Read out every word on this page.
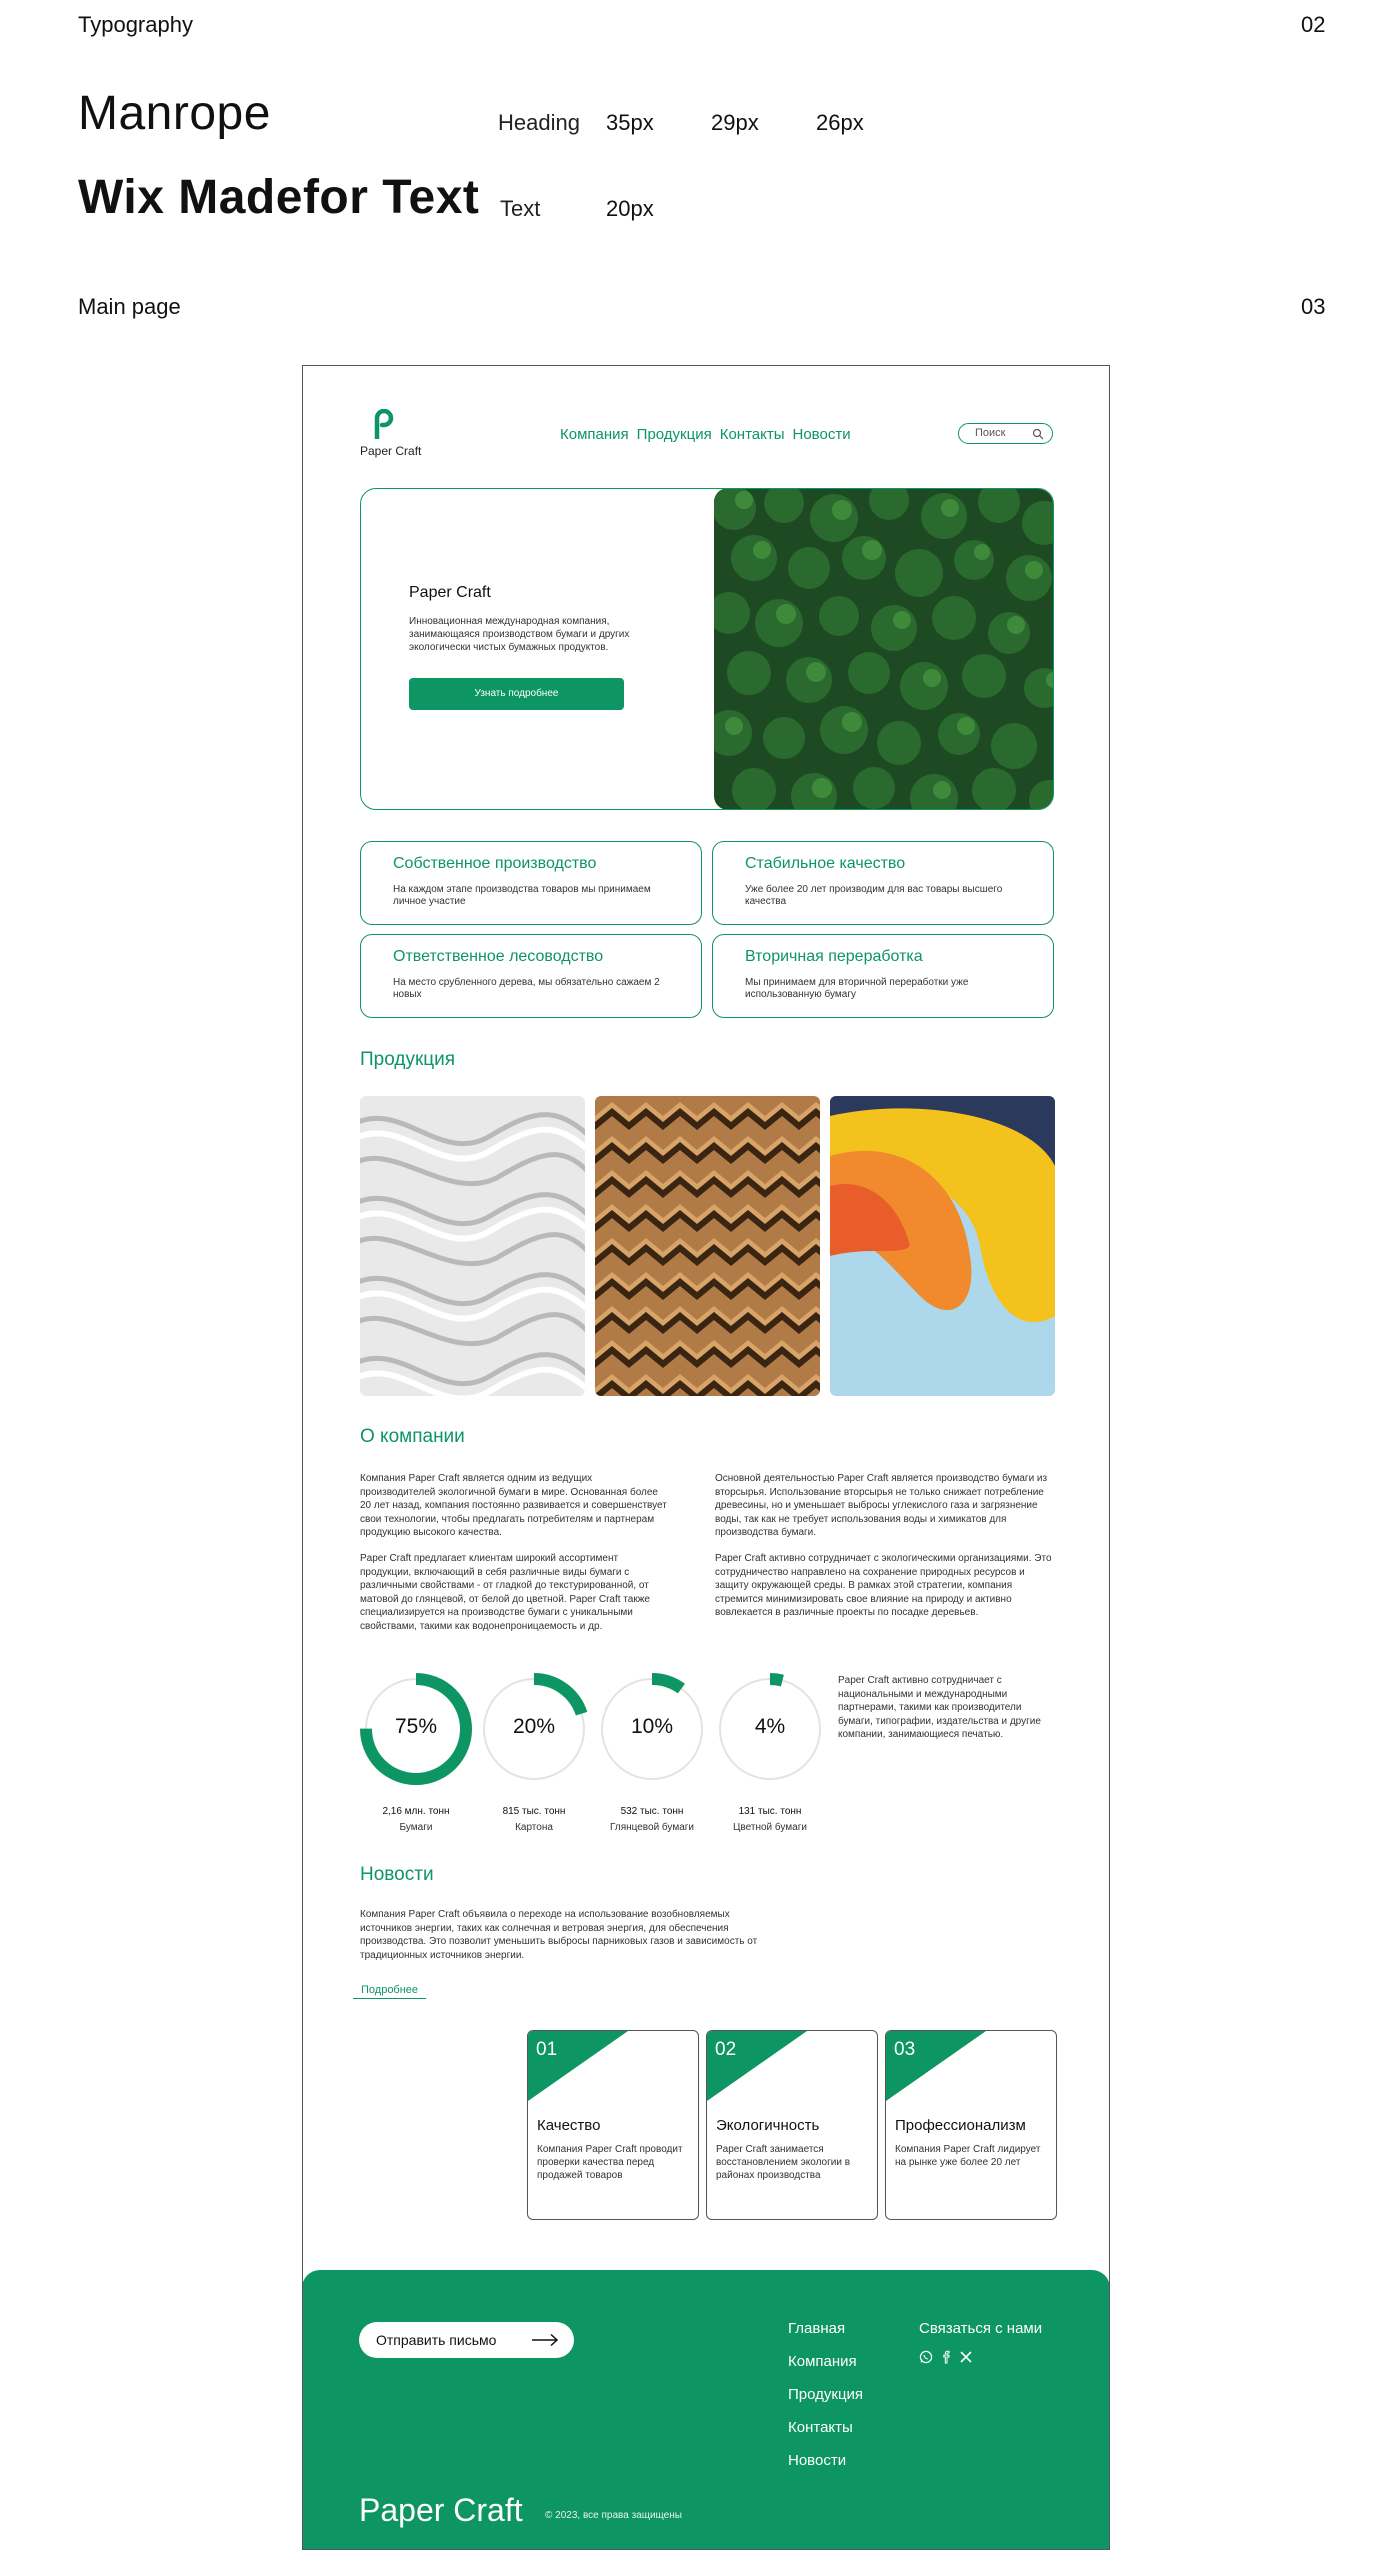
Typography	02
Manrope
Wix Madefor Text
Heading 35px	29px	26px
Text	20px
Main page	03
Paper Craft
Компания Продукция Контакты Новости	Поиск
Paper Craft
Инновационная международная компания, занимающаяся производством бумаги и других экологически чистых бумажных продуктов.
Узнать подробнее
Собственное производство
На каждом этапе производства товаров мы принимаем личное участие
Стабильное качество
Уже более 20 лет производим для вас товары высшего качества
Ответственное лесоводство
На место срубленного дерева, мы обязательно сажаем 2 новых
Вторичная переработка
Мы принимаем для вторичной переработки уже использованную бумагу
Продукция
О компании
Компания Paper Craft является одним из ведущих производителей экологичной бумаги в мире. Основанная более 20 лет назад, компания постоянно развивается и совершенствует свои технологии, чтобы предлагать потребителям и партнерам продукцию высокого качества.
Paper Craft предлагает клиентам широкий ассортимент продукции, включающий в себя различные виды бумаги с различными свойствами - от гладкой до текстурированной, от матовой до глянцевой, от белой до цветной. Paper Craft также специализируется на производстве бумаги с уникальными свойствами, такими как водонепроницаемость и др.
Основной деятельностью Paper Craft является производство бумаги из вторсырья. Использование вторсырья не только снижает потребление древесины, но и уменьшает выбросы углекислого газа и загрязнение воды, так как не требует использования воды и химикатов для производства бумаги.
Paper Craft активно сотрудничает с экологическими организациями. Это сотрудничество направлено на сохранение природных ресурсов и защиту окружающей среды. В рамках этой стратегии, компания стремится минимизировать свое влияние на природу и активно вовлекается в различные проекты по посадке деревьев.
75%	20%	10%	4%
2,16 млн. тонн
Бумаги
815 тыс. тонн
Картона
532 тыс. тонн
Глянцевой бумаги
131 тыс. тонн
Цветной бумаги
Paper Craft активно сотрудничает с национальными и международными партнерами, такими как производители бумаги, типографии, издательства и другие компании, занимающиеся печатью.
Новости
Компания Paper Craft объявила о переходе на использование возобновляемых источников энергии, таких как солнечная и ветровая энергия, для обеспечения производства. Это позволит уменьшить выбросы парниковых газов и зависимость от традиционных источников энергии.
Подробнее
01
Качество
Компания Paper Craft проводит проверки качества перед продажей товаров
02
Экологичность
Paper Craft занимается восстановлением экологии в районах производства
03
Профессионализм
Компания Paper Craft лидирует на рынке уже более 20 лет
Отправить письмо
Главная
Компания
Продукция
Контакты
Новости
Связаться с нами
Paper Craft © 2023, все права защищены
